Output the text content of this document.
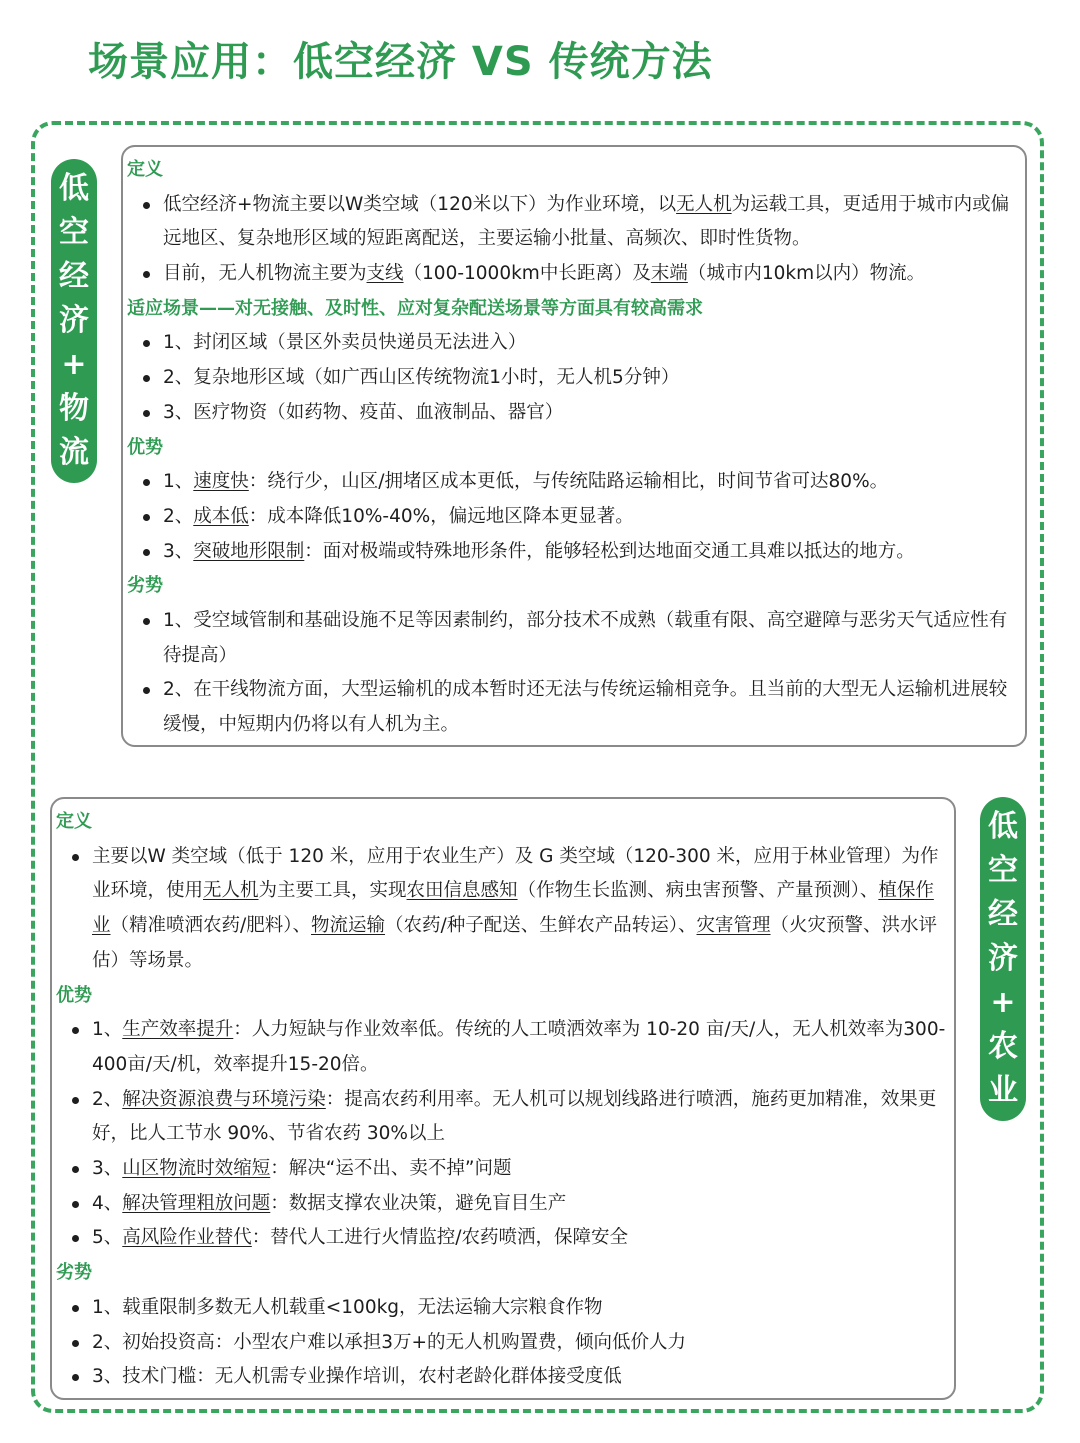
场景应用：低空经济 VS 传统方法
低
空
经
济
+
物
流
定义
低空经济+物流主要以W类空域（120米以下）为作业环境，以无人机为运载工具，更适用于城市内或偏远地区、复杂地形区域的短距离配送，主要运输小批量、高频次、即时性货物。
目前，无人机物流主要为支线（100-1000km中长距离）及末端（城市内10km以内）物流。
适应场景——对无接触、及时性、应对复杂配送场景等方面具有较高需求
1、封闭区域（景区外卖员快递员无法进入）
2、复杂地形区域（如广西山区传统物流1小时，无人机5分钟）
3、医疗物资（如药物、疫苗、血液制品、器官）
优势
1、速度快：绕行少，山区/拥堵区成本更低，与传统陆路运输相比，时间节省可达80%。
2、成本低：成本降低10%-40%，偏远地区降本更显著。
3、突破地形限制：面对极端或特殊地形条件，能够轻松到达地面交通工具难以抵达的地方。
劣势
1、受空域管制和基础设施不足等因素制约，部分技术不成熟（载重有限、高空避障与恶劣天气适应性有待提高）
2、在干线物流方面，大型运输机的成本暂时还无法与传统运输相竞争。且当前的大型无人运输机进展较缓慢，中短期内仍将以有人机为主。
定义
主要以W 类空域（低于 120 米，应用于农业生产）及 G 类空域（120-300 米，应用于林业管理）为作业环境，使用无人机为主要工具，实现农田信息感知（作物生长监测、病虫害预警、产量预测）、植保作业（精准喷洒农药/肥料）、物流运输（农药/种子配送、生鲜农产品转运）、灾害管理（火灾预警、洪水评估）等场景。
优势
1、生产效率提升：人力短缺与作业效率低。传统的人工喷洒效率为 10-20 亩/天/人，无人机效率为300-400亩/天/机，效率提升15-20倍。
2、解决资源浪费与环境污染：提高农药利用率。无人机可以规划线路进行喷洒，施药更加精准，效果更好，比人工节水 90%、节省农药 30%以上
3、山区物流时效缩短：解决“运不出、卖不掉”问题
4、解决管理粗放问题：数据支撑农业决策，避免盲目生产
5、高风险作业替代：替代人工进行火情监控/农药喷洒，保障安全
劣势
1、载重限制多数无人机载重<100kg，无法运输大宗粮食作物
2、初始投资高：小型农户难以承担3万+的无人机购置费，倾向低价人力
3、技术门槛：无人机需专业操作培训，农村老龄化群体接受度低
低
空
经
济
+
农
业
